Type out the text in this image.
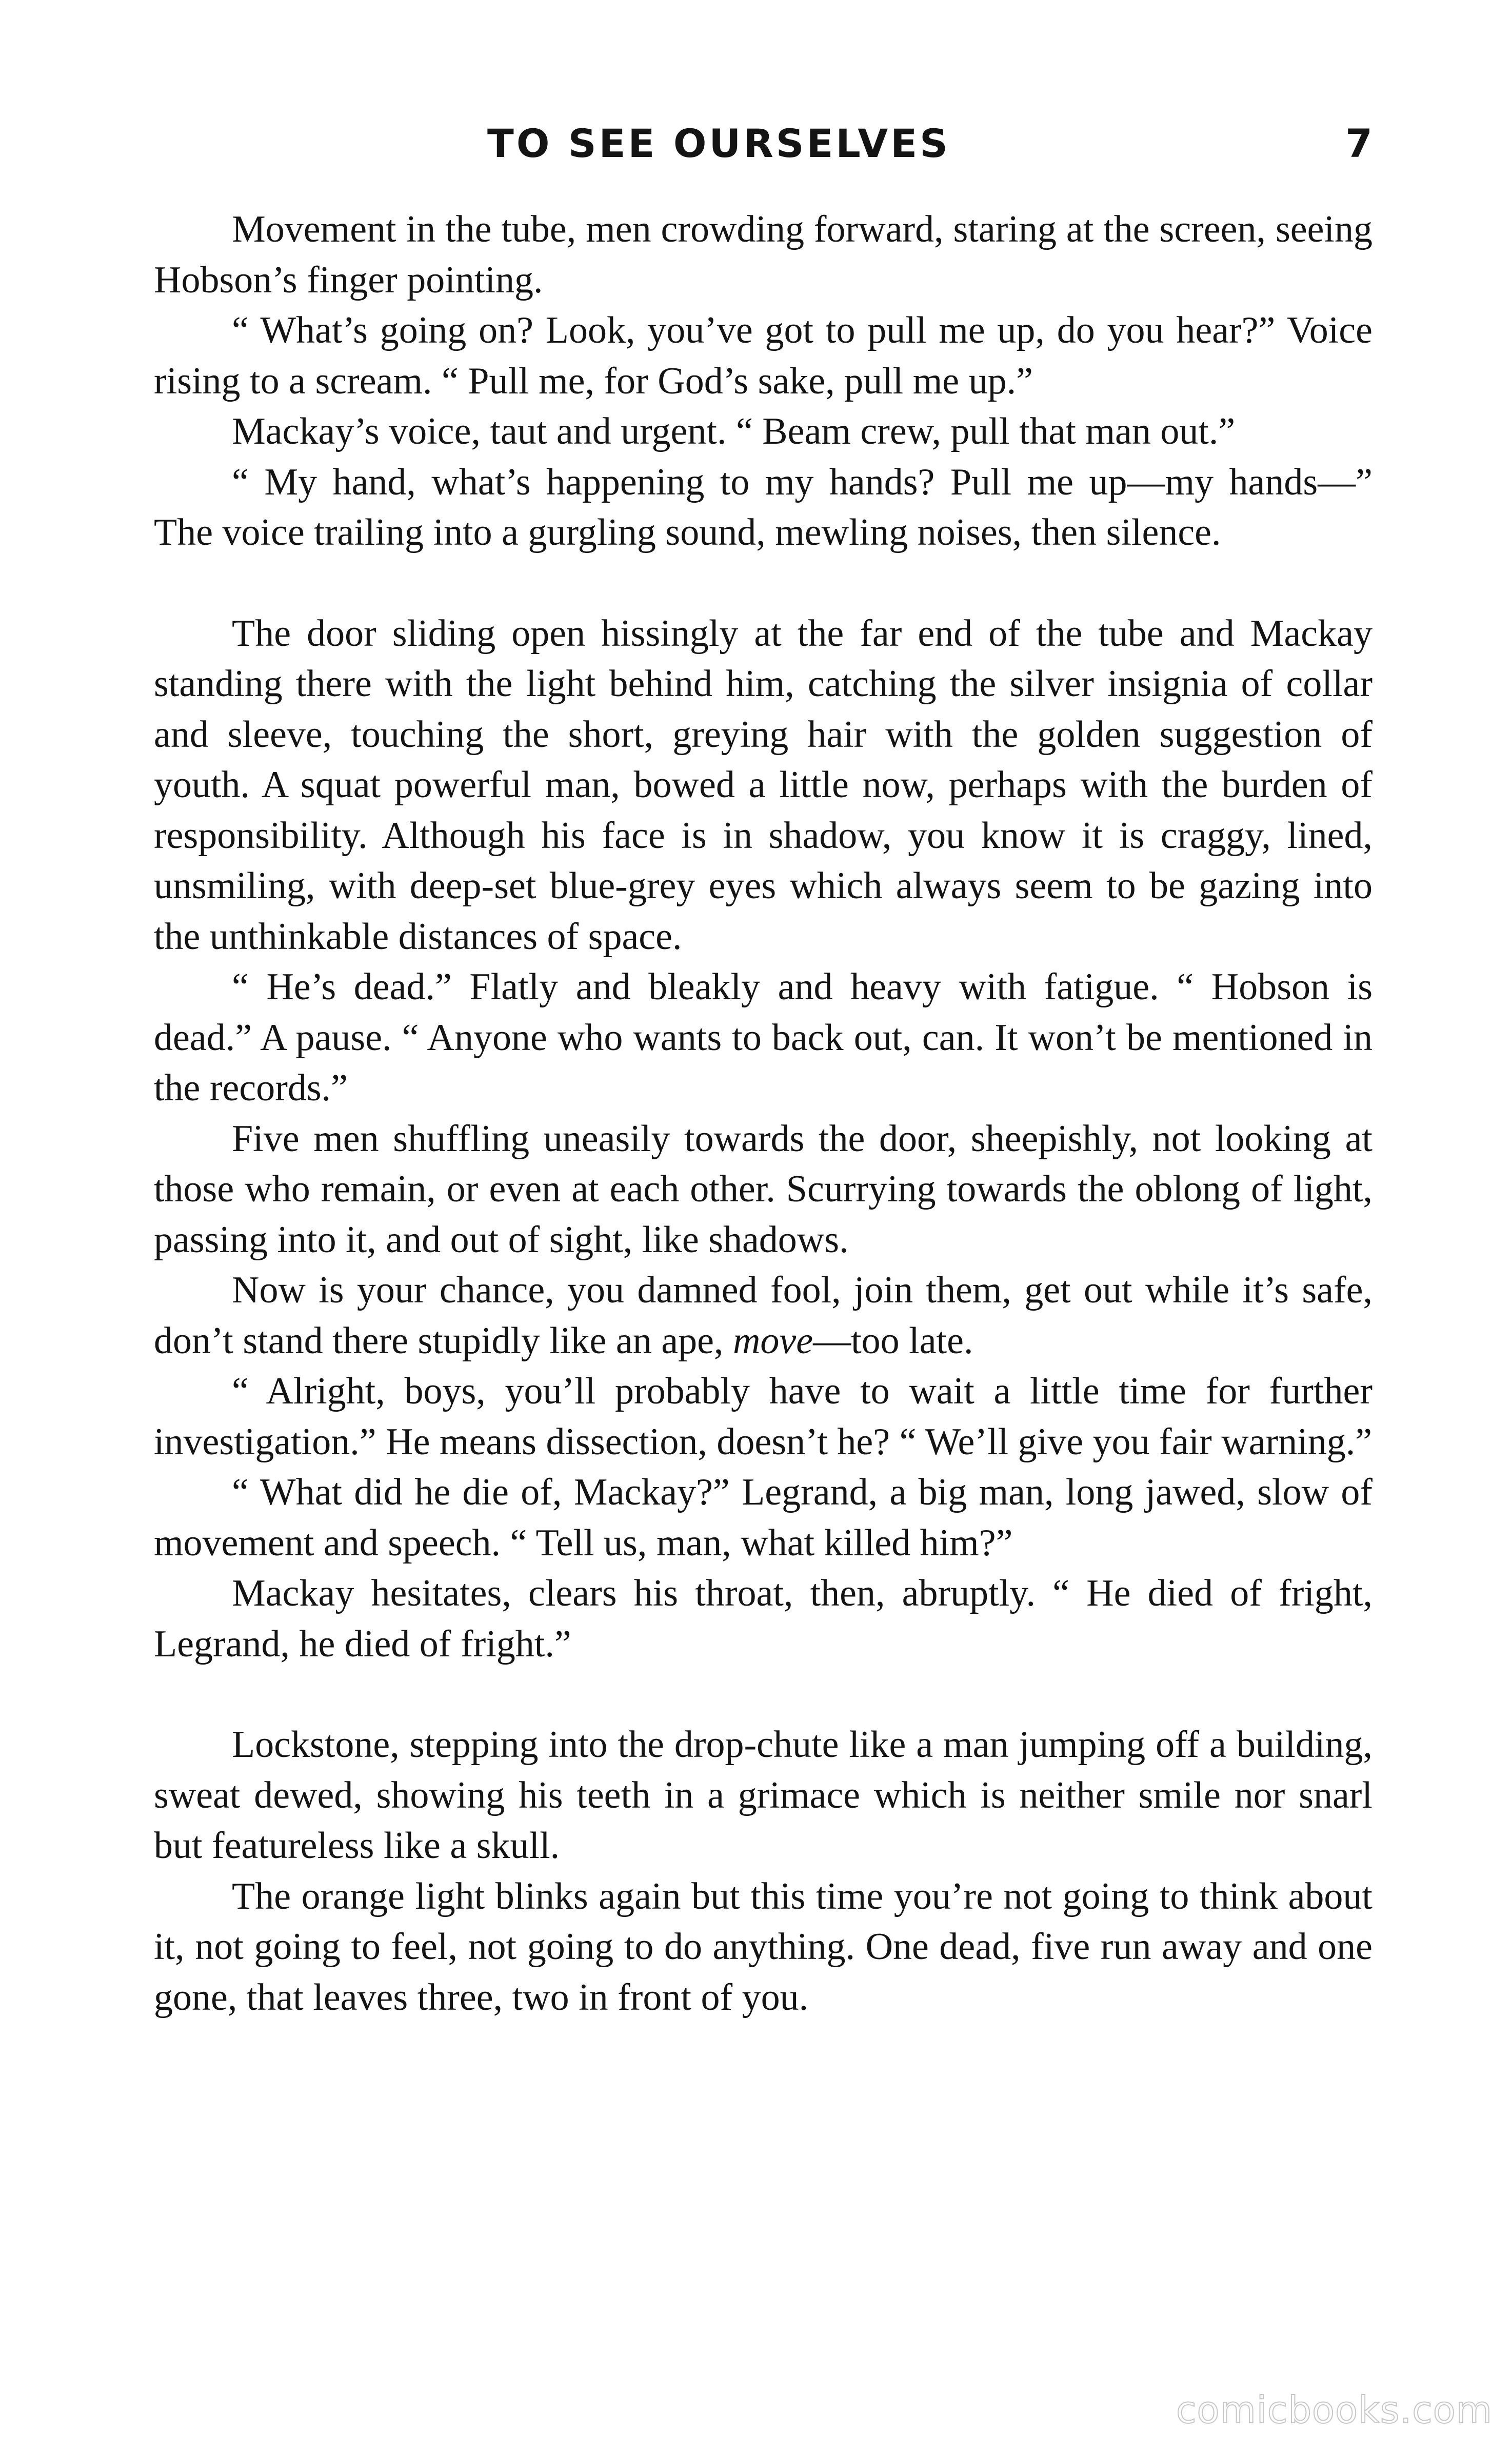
TO SEE OURSELVES	7

Movement in the tube, men crowding forward, staring at the screen, seeing Hobson’s finger pointing.

“ What’s going on? Look, you’ve got to pull me up, do you hear?” Voice rising to a scream. “ Pull me, for God’s sake, pull me up.”

Mackay’s voice, taut and urgent. “ Beam crew, pull that man out.”

“ My hand, what’s happening to my hands? Pull me up—my hands—” The voice trailing into a gurgling sound, mewling noises, then silence.

The door sliding open hissingly at the far end of the tube and Mackay standing there with the light behind him, catching the silver insignia of collar and sleeve, touching the short, greying hair with the golden suggestion of youth. A squat powerful man, bowed a little now, perhaps with the burden of responsibility. Although his face is in shadow, you know it is craggy, lined, unsmiling, with deep-set blue-grey eyes which always seem to be gazing into the unthinkable distances of space.

“ He’s dead.” Flatly and bleakly and heavy with fatigue. “ Hobson is dead.” A pause. “ Anyone who wants to back out, can. It won’t be mentioned in the records.”

Five men shuffling uneasily towards the door, sheepishly, not looking at those who remain, or even at each other. Scurrying towards the oblong of light, passing into it, and out of sight, like shadows.

Now is your chance, you damned fool, join them, get out while it’s safe, don’t stand there stupidly like an ape, move—too late.

“ Alright, boys, you’ll probably have to wait a little time for further investigation.” He means dissection, doesn’t he? “ We’ll give you fair warning.”

“ What did he die of, Mackay?” Legrand, a big man, long jawed, slow of movement and speech. “ Tell us, man, what killed him?”

Mackay hesitates, clears his throat, then, abruptly. “ He died of fright, Legrand, he died of fright.”

Lockstone, stepping into the drop-chute like a man jumping off a building, sweat dewed, showing his teeth in a grimace which is neither smile nor snarl but featureless like a skull.

The orange light blinks again but this time you’re not going to think about it, not going to feel, not going to do anything. One dead, five run away and one gone, that leaves three, two in front of you.

comicbooks.com
